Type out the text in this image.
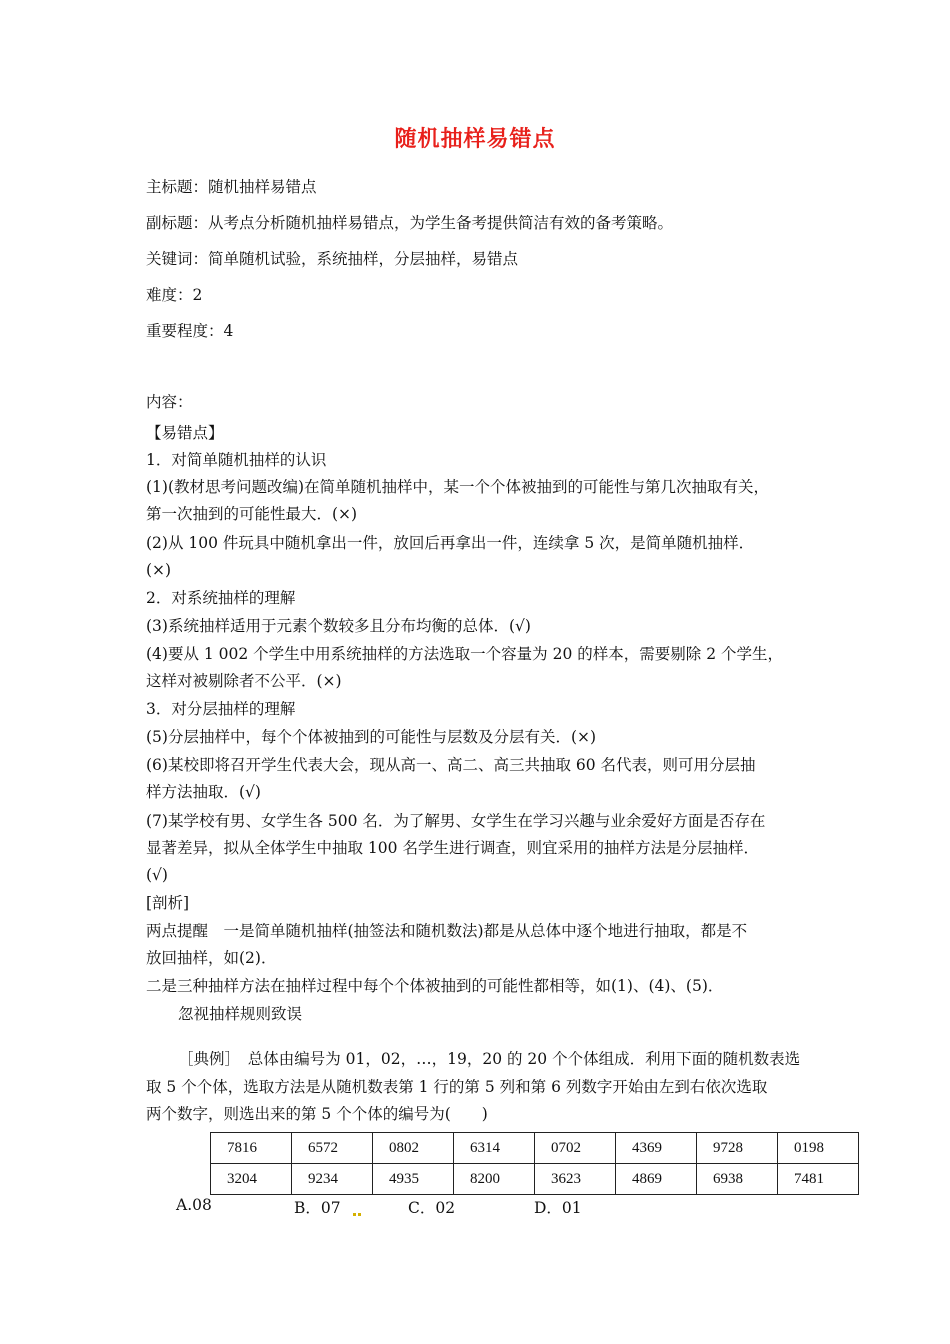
随机抽样易错点
主标题：随机抽样易错点
副标题：从考点分析随机抽样易错点，为学生备考提供简洁有效的备考策略。
关键词：简单随机试验，系统抽样，分层抽样，易错点
难度：2
重要程度：4
内容：
【易错点】
1．对简单随机抽样的认识
(1)(教材思考问题改编)在简单随机抽样中，某一个个体被抽到的可能性与第几次抽取有关，
第一次抽到的可能性最大．(×)
(2)从 100 件玩具中随机拿出一件，放回后再拿出一件，连续拿 5 次，是简单随机抽样．
(×)
2．对系统抽样的理解
(3)系统抽样适用于元素个数较多且分布均衡的总体．(√)
(4)要从 1 002 个学生中用系统抽样的方法选取一个容量为 20 的样本，需要剔除 2 个学生，
这样对被剔除者不公平．(×)
3．对分层抽样的理解
(5)分层抽样中，每个个体被抽到的可能性与层数及分层有关．(×)
(6)某校即将召开学生代表大会，现从高一、高二、高三共抽取 60 名代表，则可用分层抽
样方法抽取．(√)
(7)某学校有男、女学生各 500 名．为了解男、女学生在学习兴趣与业余爱好方面是否存在
显著差异，拟从全体学生中抽取 100 名学生进行调查，则宜采用的抽样方法是分层抽样．
(√)
[剖析]
两点提醒　一是简单随机抽样(抽签法和随机数法)都是从总体中逐个地进行抽取，都是不
放回抽样，如(2)．
二是三种抽样方法在抽样过程中每个个体被抽到的可能性都相等，如(1)、(4)、(5)．
忽视抽样规则致误
［典例］　总体由编号为 01，02，…，19，20 的 20 个个体组成．利用下面的随机数表选
取 5 个个体，选取方法是从随机数表第 1 行的第 5 列和第 6 列数字开始由左到右依次选取
两个数字，则选出来的第 5 个个体的编号为(　　)
7816	6572	0802	6314	0702	4369	9728	0198
3204	9234	4935	8200	3623	4869	6938	7481
A.08	B．07	C．02	D．01
